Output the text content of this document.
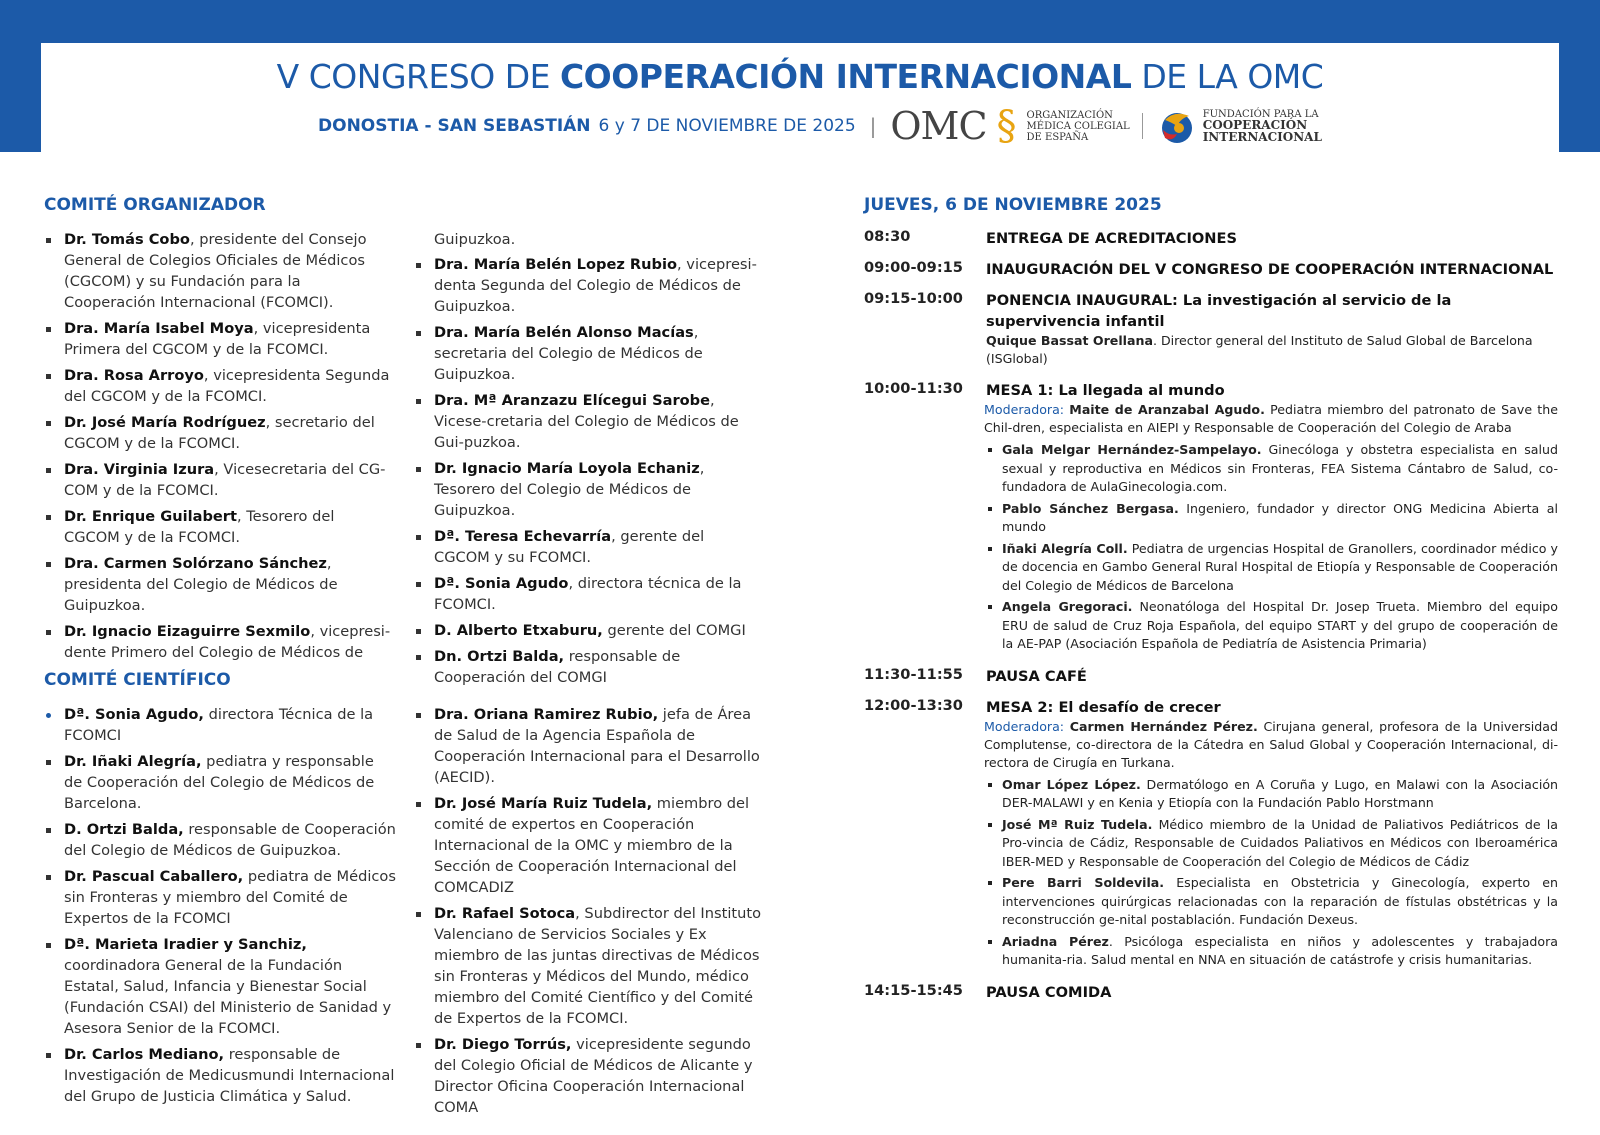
V CONGRESO DE COOPERACIÓN INTERNACIONAL DE LA OMC
DONOSTIA - SAN SEBASTIÁN 6 y 7 DE NOVIEMBRE DE 2025 | OMC § ORGANIZACIÓN
MÉDICA COLEGIAL
DE ESPAÑA
FUNDACIÓN PARA LA
COOPERACIÓN
INTERNACIONAL
COMITÉ ORGANIZADOR
Dr. Tomás Cobo, presidente del Consejo General de Colegios Oficiales de Médicos (CGCOM) y su Fundación para la Cooperación Internacional (FCOMCI).
Dra. María Isabel Moya, vicepresidenta Primera del CGCOM y de la FCOMCI.
Dra. Rosa Arroyo, vicepresidenta Segunda del CGCOM y de la FCOMCI.
Dr. José María Rodríguez, secretario del CGCOM y de la FCOMCI.
Dra. Virginia Izura, Vicesecretaria del CG-COM y de la FCOMCI.
Dr. Enrique Guilabert, Tesorero del CGCOM y de la FCOMCI.
Dra. Carmen Solórzano Sánchez, presidenta del Colegio de Médicos de Guipuzkoa.
Dr. Ignacio Eizaguirre Sexmilo, vicepresi-dente Primero del Colegio de Médicos de
Guipuzkoa.
Dra. María Belén Lopez Rubio, vicepresi-denta Segunda del Colegio de Médicos de Guipuzkoa.
Dra. María Belén Alonso Macías, secretaria del Colegio de Médicos de Guipuzkoa.
Dra. Mª Aranzazu Elícegui Sarobe, Vicese-cretaria del Colegio de Médicos de Gui-puzkoa.
Dr. Ignacio María Loyola Echaniz, Tesorero del Colegio de Médicos de Guipuzkoa.
Dª. Teresa Echevarría, gerente del CGCOM y su FCOMCI.
Dª. Sonia Agudo, directora técnica de la FCOMCI.
D. Alberto Etxaburu, gerente del COMGI
Dn. Ortzi Balda, responsable de Cooperación del COMGI
COMITÉ CIENTÍFICO
Dª. Sonia Agudo, directora Técnica de la FCOMCI
Dr. Iñaki Alegría, pediatra y responsable de Cooperación del Colegio de Médicos de Barcelona.
D. Ortzi Balda, responsable de Cooperación del Colegio de Médicos de Guipuzkoa.
Dr. Pascual Caballero, pediatra de Médicos sin Fronteras y miembro del Comité de Expertos de la FCOMCI
Dª. Marieta Iradier y Sanchiz, coordinadora General de la Fundación Estatal, Salud, Infancia y Bienestar Social (Fundación CSAI) del Ministerio de Sanidad y Asesora Senior de la FCOMCI.
Dr. Carlos Mediano, responsable de Investigación de Medicusmundi Internacional del Grupo de Justicia Climática y Salud.
Dra. Oriana Ramirez Rubio, jefa de Área de Salud de la Agencia Española de Cooperación Internacional para el Desarrollo (AECID).
Dr. José María Ruiz Tudela, miembro del comité de expertos en Cooperación Internacional de la OMC y miembro de la Sección de Cooperación Internacional del COMCADIZ
Dr. Rafael Sotoca, Subdirector del Instituto Valenciano de Servicios Sociales y Ex miembro de las juntas directivas de Médicos sin Fronteras y Médicos del Mundo, médico miembro del Comité Científico y del Comité de Expertos de la FCOMCI.
Dr. Diego Torrús, vicepresidente segundo del Colegio Oficial de Médicos de Alicante y Director Oficina Cooperación Internacional COMA
JUEVES, 6 DE NOVIEMBRE 2025
08:30	ENTREGA DE ACREDITACIONES
09:00-09:15 INAUGURACIÓN DEL V CONGRESO DE COOPERACIÓN INTERNACIONAL
09:15-10:00 PONENCIA INAUGURAL: La investigación al servicio de la supervivencia infantil
Quique Bassat Orellana. Director general del Instituto de Salud Global de Barcelona (ISGlobal)
10:00-11:30 MESA 1: La llegada al mundo
Moderadora: Maite de Aranzabal Agudo. Pediatra miembro del patronato de Save the Chil-dren, especialista en AIEPI y Responsable de Cooperación del Colegio de Araba
Gala Melgar Hernández-Sampelayo. Ginecóloga y obstetra especialista en salud sexual y reproductiva en Médicos sin Fronteras, FEA Sistema Cántabro de Salud, co-fundadora de AulaGinecologia.com.
Pablo Sánchez Bergasa. Ingeniero, fundador y director ONG Medicina Abierta al mundo
Iñaki Alegría Coll. Pediatra de urgencias Hospital de Granollers, coordinador médico y de docencia en Gambo General Rural Hospital de Etiopía y Responsable de Cooperación del Colegio de Médicos de Barcelona
Angela Gregoraci. Neonatóloga del Hospital Dr. Josep Trueta. Miembro del equipo ERU de salud de Cruz Roja Española, del equipo START y del grupo de cooperación de la AE-PAP (Asociación Española de Pediatría de Asistencia Primaria)
11:30-11:55 PAUSA CAFÉ
12:00-13:30 MESA 2: El desafío de crecer
Moderadora: Carmen Hernández Pérez. Cirujana general, profesora de la Universidad Complutense, co-directora de la Cátedra en Salud Global y Cooperación Internacional, di-rectora de Cirugía en Turkana.
Omar López López. Dermatólogo en A Coruña y Lugo, en Malawi con la Asociación DER-MALAWI y en Kenia y Etiopía con la Fundación Pablo Horstmann
José Mª Ruiz Tudela. Médico miembro de la Unidad de Paliativos Pediátricos de la Pro-vincia de Cádiz, Responsable de Cuidados Paliativos en Médicos con Iberoamérica IBER-MED y Responsable de Cooperación del Colegio de Médicos de Cádiz
Pere Barri Soldevila. Especialista en Obstetricia y Ginecología, experto en intervenciones quirúrgicas relacionadas con la reparación de fístulas obstétricas y la reconstrucción ge-nital postablación. Fundación Dexeus.
Ariadna Pérez. Psicóloga especialista en niños y adolescentes y trabajadora humanita-ria. Salud mental en NNA en situación de catástrofe y crisis humanitarias.
14:15-15:45 PAUSA COMIDA
